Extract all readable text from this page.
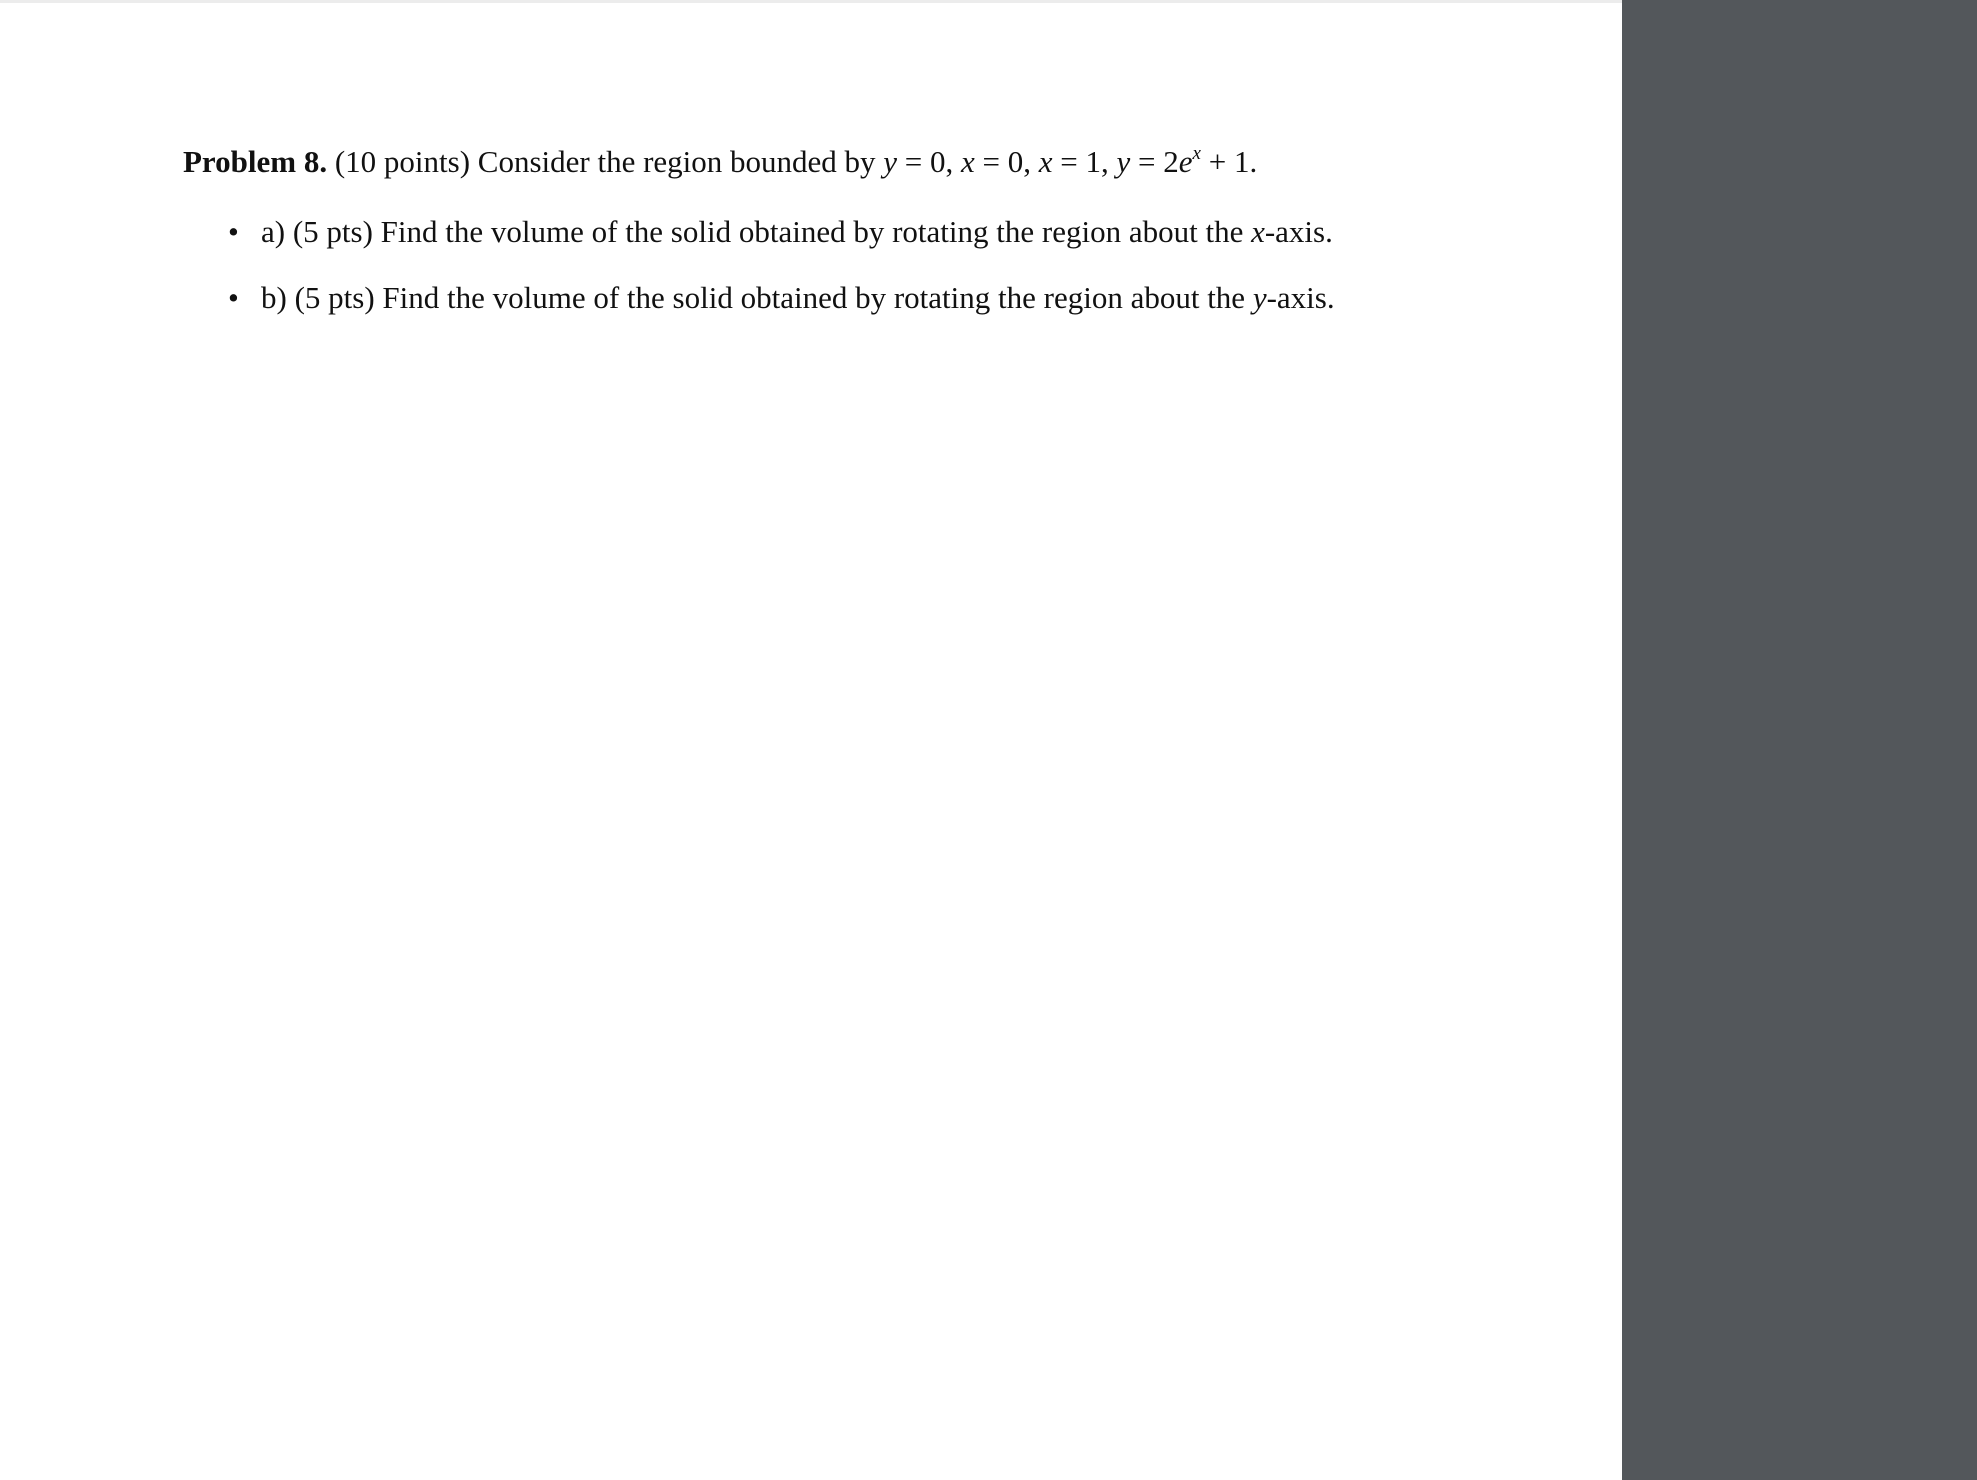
Problem 8. (10 points) Consider the region bounded by y = 0, x = 0, x = 1, $y = 2e^x + 1$.

• a) (5 pts) Find the volume of the solid obtained by rotating the region about the x-axis.
• b) (5 pts) Find the volume of the solid obtained by rotating the region about the y-axis.
